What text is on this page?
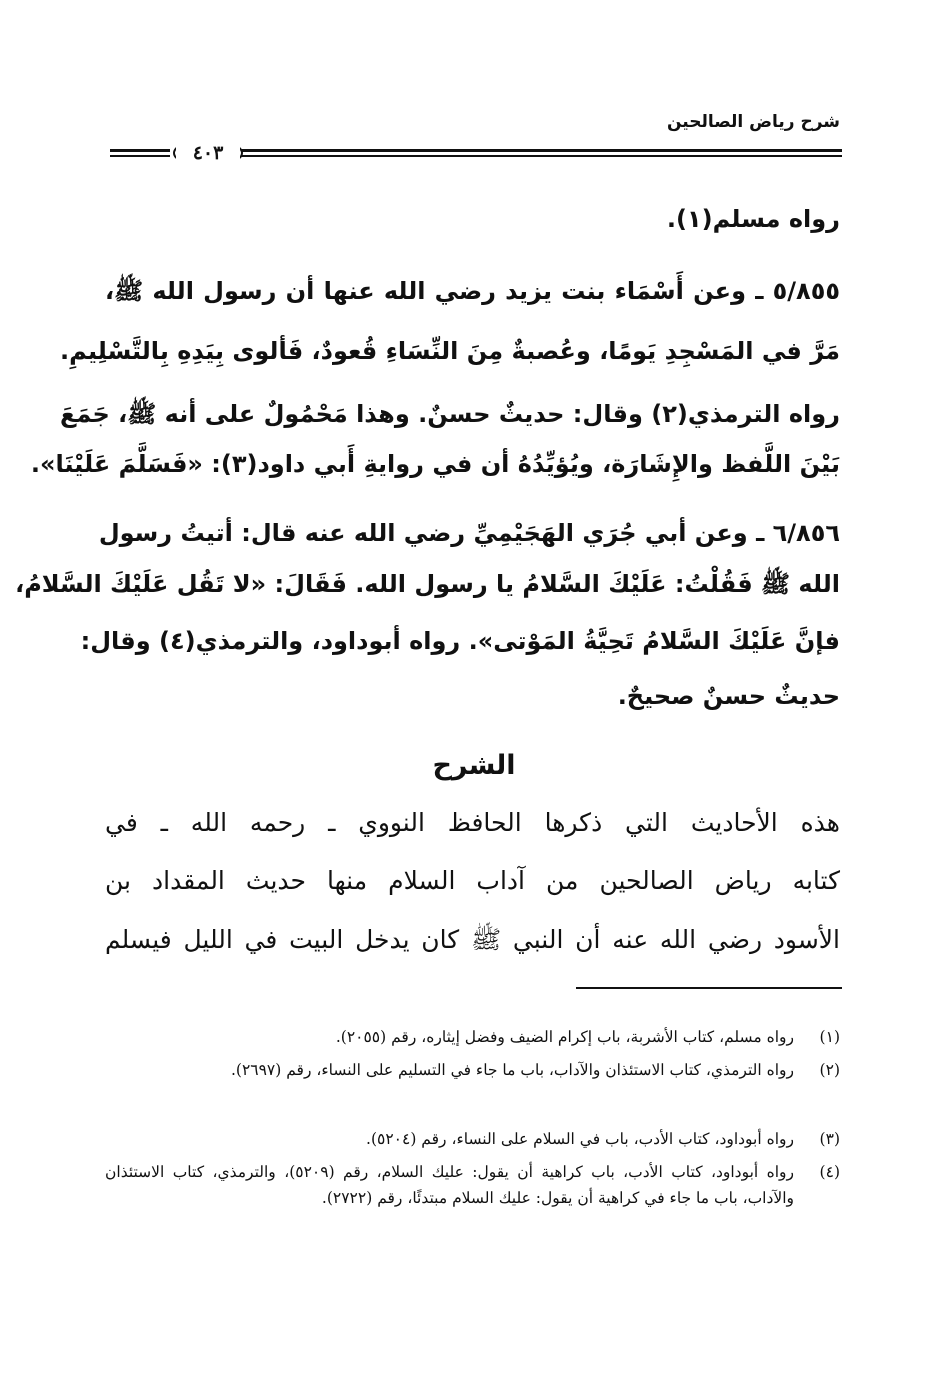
شرح رياض الصالحين
٤٠٣
رواه مسلم(١).
٥/٨٥٥ ـ وعن أَسْمَاء بنت يزيد رضي الله عنها أن رسول الله ﷺ،
مَرَّ في المَسْجِدِ يَومًا، وعُصبةٌ مِنَ النِّسَاءِ قُعودٌ، فَألوى بِيَدِهِ بِالتَّسْلِيمِ.
رواه الترمذي(٢) وقال: حديثٌ حسنٌ. وهذا مَحْمُولٌ على أنه ﷺ، جَمَعَ
بَيْنَ اللَّفظ والإِشَارَة، ويُؤيِّدُهُ أن في روايةِ أَبي داود(٣): «فَسَلَّمَ عَلَيْنَا».
٦/٨٥٦ ـ وعن أبي جُرَي الهَجَيْمِيِّ رضي الله عنه قال: أتيتُ رسول
الله ﷺ فَقُلْتُ: عَلَيْكَ السَّلامُ يا رسول الله. فَقَالَ: «لا تَقُل عَلَيْكَ السَّلامُ،
فإنَّ عَلَيْكَ السَّلامُ تَحِيَّةُ المَوْتى». رواه أبوداود، والترمذي(٤) وقال:
حديثٌ حسنٌ صحيحٌ.
الشرح
هذه الأحاديث التي ذكرها الحافظ النووي ـ رحمه الله ـ في
كتابه رياض الصالحين من آداب السلام منها حديث المقداد بن
الأسود رضي الله عنه أن النبي ﷺ كان يدخل البيت في الليل فيسلم
(١)
رواه مسلم، كتاب الأشربة، باب إكرام الضيف وفضل إيثاره، رقم (٢٠٥٥).
(٢)
رواه الترمذي، كتاب الاستئذان والآداب، باب ما جاء في التسليم على النساء، رقم (٢٦٩٧).
(٣)
رواه أبوداود، كتاب الأدب، باب في السلام على النساء، رقم (٥٢٠٤).
(٤)
رواه أبوداود، كتاب الأدب، باب كراهية أن يقول: عليك السلام، رقم (٥٢٠٩)، والترمذي، كتاب الاستئذان والآداب، باب ما جاء في كراهية أن يقول: عليك السلام مبتدئًا، رقم (٢٧٢٢).
